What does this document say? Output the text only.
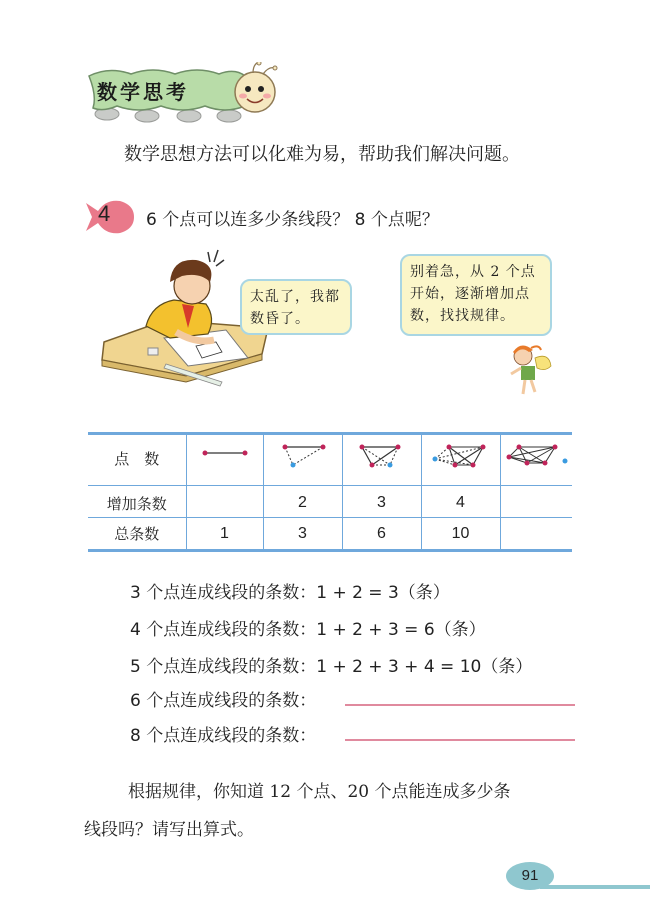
数学思考
数学思想方法可以化难为易，帮助我们解决问题。
4 6 个点可以连多少条线段？ 8 个点呢？
太乱了，我都
数昏了。
别着急，从 2 个点
开始，逐渐增加点
数，找找规律。
点　数					
增加条数		2	3	4	
总条数	1	3	6	10	
3 个点连成线段的条数：1 + 2 = 3（条）
4 个点连成线段的条数：1 + 2 + 3 = 6（条）
5 个点连成线段的条数：1 + 2 + 3 + 4 = 10（条）
6 个点连成线段的条数：
8 个点连成线段的条数：
根据规律，你知道 12 个点、20 个点能连成多少条
线段吗？请写出算式。
91
